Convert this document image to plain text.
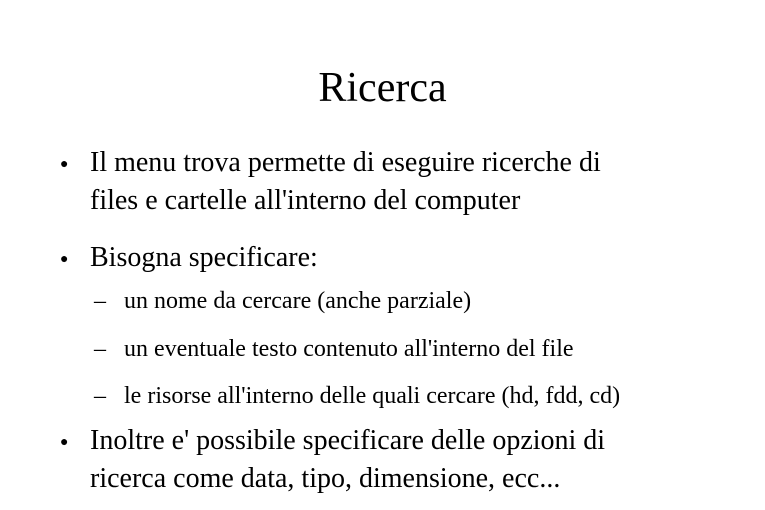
Ricerca
● Il menu trova permette di eseguire ricerche di
files e cartelle all'interno del computer
● Bisogna specificare:
– un nome da cercare (anche parziale)
– un eventuale testo contenuto all'interno del file
– le risorse all'interno delle quali cercare (hd, fdd, cd)
● Inoltre e' possibile specificare delle opzioni di
ricerca come data, tipo, dimensione, ecc...
